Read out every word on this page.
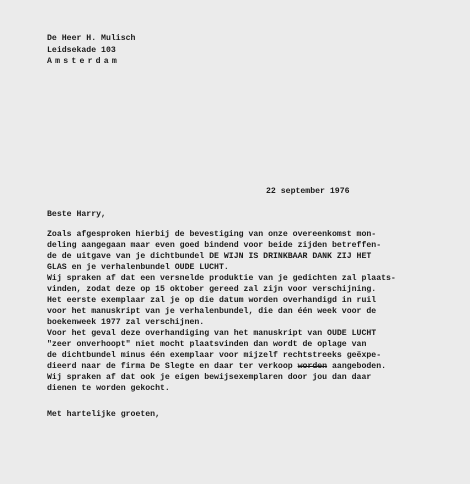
De Heer H. Mulisch
Leidsekade 103
Amsterdam
22 september 1976
Beste Harry,
Zoals afgesproken hierbij de bevestiging van onze overeenkomst mon-
deling aangegaan maar even goed bindend voor beide zijden betreffen-
de de uitgave van je dichtbundel DE WIJN IS DRINKBAAR DANK ZIJ HET
GLAS en je verhalenbundel OUDE LUCHT.
Wij spraken af dat een versnelde produktie van je gedichten zal plaats-
vinden, zodat deze op 15 oktober gereed zal zijn voor verschijning.
Het eerste exemplaar zal je op die datum worden overhandigd in ruil
voor het manuskript van je verhalenbundel, die dan één week voor de
boekenweek 1977 zal verschijnen.
Voor het geval deze overhandiging van het manuskript van OUDE LUCHT
"zeer onverhoopt" niet mocht plaatsvinden dan wordt de oplage van
de dichtbundel minus één exemplaar voor mijzelf rechtstreeks geëxpe-
dieerd naar de firma De Slegte en daar ter verkoop worden aangeboden.
Wij spraken af dat ook je eigen bewijsexemplaren door jou dan daar
dienen te worden gekocht.
Met hartelijke groeten,
